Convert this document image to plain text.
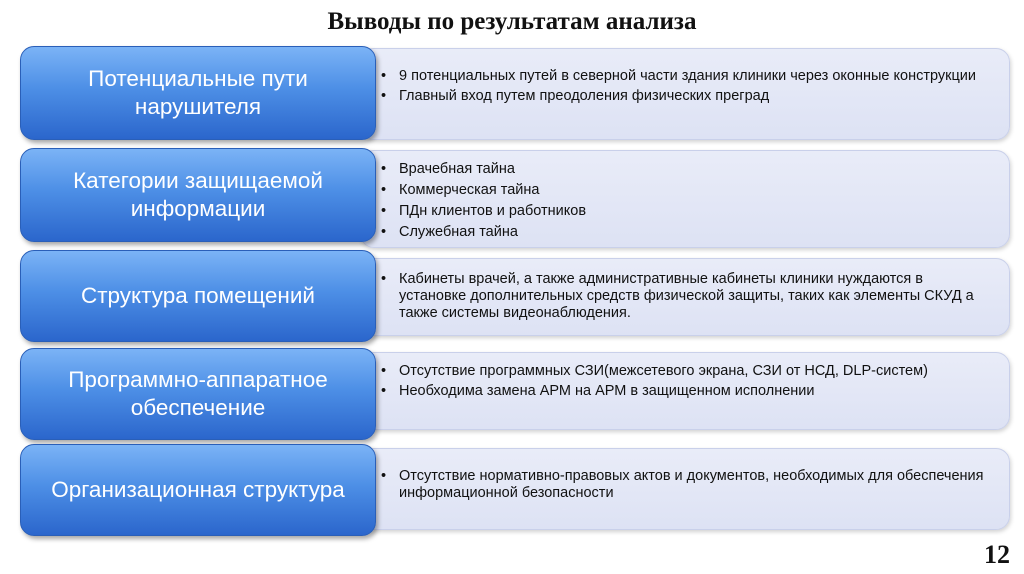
Выводы по результатам анализа
• 9 потенциальных путей в северной части здания клиники через оконные конструкции
• Главный вход путем преодоления физических преград
Потенциальные пути нарушителя
• Врачебная тайна
• Коммерческая тайна
• ПДн клиентов и работников
• Служебная тайна
Категории защищаемой информации
• Кабинеты врачей, а также административные кабинеты клиники нуждаются в установке дополнительных средств физической защиты, таких как элементы СКУД а также системы видеонаблюдения.
Структура помещений
• Отсутствие программных СЗИ(межсетевого экрана, СЗИ от НСД, DLP-систем)
• Необходима замена АРМ на АРМ в защищенном исполнении
Программно-аппаратное обеспечение
• Отсутствие нормативно-правовых актов и документов, необходимых для обеспечения информационной безопасности
Организационная структура
12
